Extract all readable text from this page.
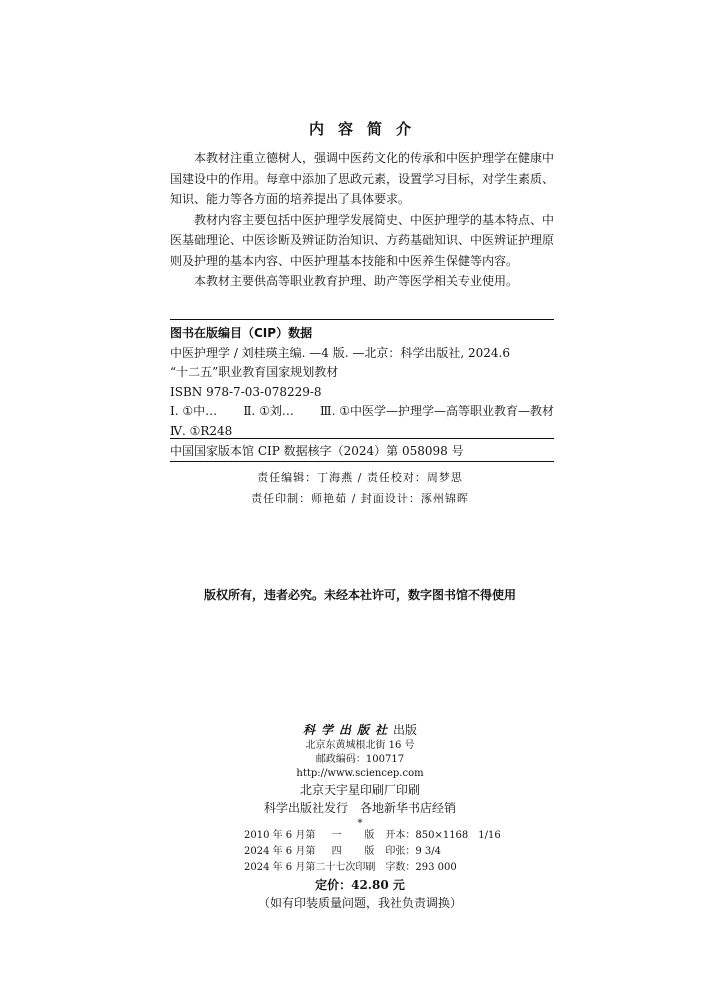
内容简介

本教材注重立德树人，强调中医药文化的传承和中医护理学在健康中国建设中的作用。每章中添加了思政元素，设置学习目标，对学生素质、知识、能力等各方面的培养提出了具体要求。

教材内容主要包括中医护理学发展简史、中医护理学的基本特点、中医基础理论、中医诊断及辨证防治知识、方药基础知识、中医辨证护理原则及护理的基本内容、中医护理基本技能和中医养生保健等内容。

本教材主要供高等职业教育护理、助产等医学相关专业使用。

图书在版编目（CIP）数据
中医护理学 / 刘桂瑛主编. —4 版. —北京：科学出版社, 2024.6
“十二五”职业教育国家规划教材
ISBN 978-7-03-078229-8
Ⅰ. ①中… Ⅱ. ①刘… Ⅲ. ①中医学—护理学—高等职业教育—教材
Ⅳ. ①R248
中国国家版本馆 CIP 数据核字（2024）第 058098 号
责任编辑：丁海燕 / 责任校对：周梦思
责任印制：师艳茹 / 封面设计：涿州锦晖
版权所有，违者必究。未经本社许可，数字图书馆不得使用
科学出版社出版
北京东黄城根北街 16 号
邮政编码：100717
http://www.sciencep.com
北京天宇星印刷厂印刷
科学出版社发行　各地新华书店经销
*
2010 年 6 月第	一	版	开本：	850×1168　1/16
2024 年 6 月第	四	版	印张：	9 3/4
2024 年 6 月第二十七次印刷			字数：	293 000
定价：42.80 元
（如有印装质量问题，我社负责调换）
